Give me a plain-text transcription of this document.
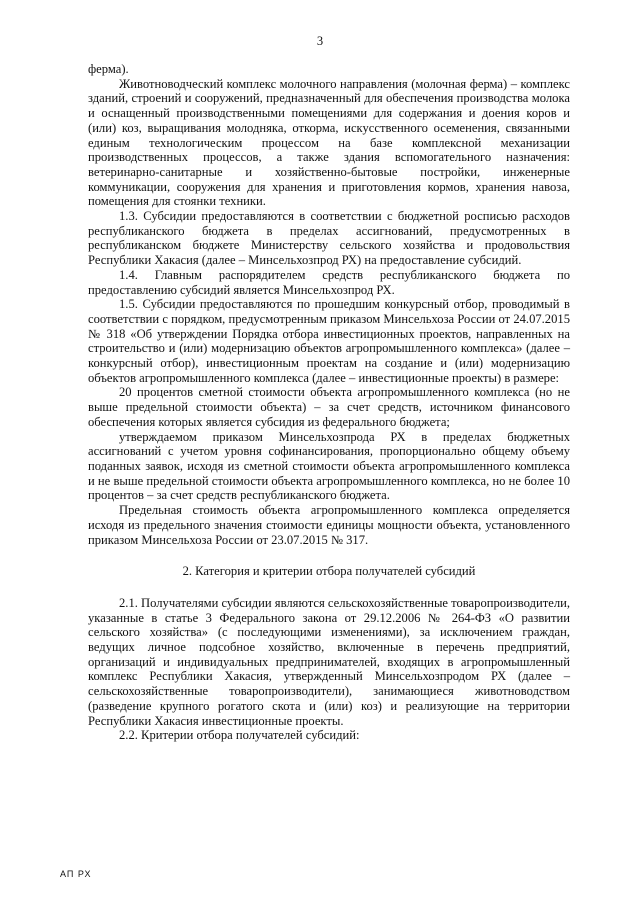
3

ферма).

Животноводческий комплекс молочного направления (молочная ферма) – комплекс зданий, строений и сооружений, предназначенный для обеспечения производства молока и оснащенный производственными помещениями для содержания и доения коров и (или) коз, выращивания молодняка, откорма, искусственного осеменения, связанными единым технологическим процессом на базе комплексной механизации производственных процессов, а также здания вспомогательного назначения: ветеринарно-санитарные и хозяйственно-бытовые постройки, инженерные коммуникации, сооружения для хранения и приготовления кормов, хранения навоза, помещения для стоянки техники.

1.3. Субсидии предоставляются в соответствии с бюджетной росписью расходов республиканского бюджета в пределах ассигнований, предусмотренных в республиканском бюджете Министерству сельского хозяйства и продовольствия Республики Хакасия (далее – Минсельхозпрод РХ) на предоставление субсидий.

1.4. Главным распорядителем средств республиканского бюджета по предоставлению субсидий является Минсельхозпрод РХ.

1.5. Субсидии предоставляются по прошедшим конкурсный отбор, проводимый в соответствии с порядком, предусмотренным приказом Минсельхоза России от 24.07.2015 № 318 «Об утверждении Порядка отбора инвестиционных проектов, направленных на строительство и (или) модернизацию объектов агропромышленного комплекса» (далее – конкурсный отбор), инвестиционным проектам на создание и (или) модернизацию объектов агропромышленного комплекса (далее – инвестиционные проекты) в размере:

20 процентов сметной стоимости объекта агропромышленного комплекса (но не выше предельной стоимости объекта) – за счет средств, источником финансового обеспечения которых является субсидия из федерального бюджета;

утверждаемом приказом Минсельхозпрода РХ в пределах бюджетных ассигнований с учетом уровня софинансирования, пропорционально общему объему поданных заявок, исходя из сметной стоимости объекта агропромышленного комплекса и не выше предельной стоимости объекта агропромышленного комплекса, но не более 10 процентов – за счет средств республиканского бюджета.

Предельная стоимость объекта агропромышленного комплекса определяется исходя из предельного значения стоимости единицы мощности объекта, установленного приказом Минсельхоза России от 23.07.2015 № 317.

2. Категория и критерии отбора получателей субсидий

2.1. Получателями субсидии являются сельскохозяйственные товаропроизводители, указанные в статье 3 Федерального закона от 29.12.2006 № 264-ФЗ «О развитии сельского хозяйства» (с последующими изменениями), за исключением граждан, ведущих личное подсобное хозяйство, включенные в перечень предприятий, организаций и индивидуальных предпринимателей, входящих в агропромышленный комплекс Республики Хакасия, утвержденный Минсельхозпродом РХ (далее – сельскохозяйственные товаропроизводители), занимающиеся животноводством (разведение крупного рогатого скота и (или) коз) и реализующие на территории Республики Хакасия инвестиционные проекты.

2.2. Критерии отбора получателей субсидий:

АП РХ
